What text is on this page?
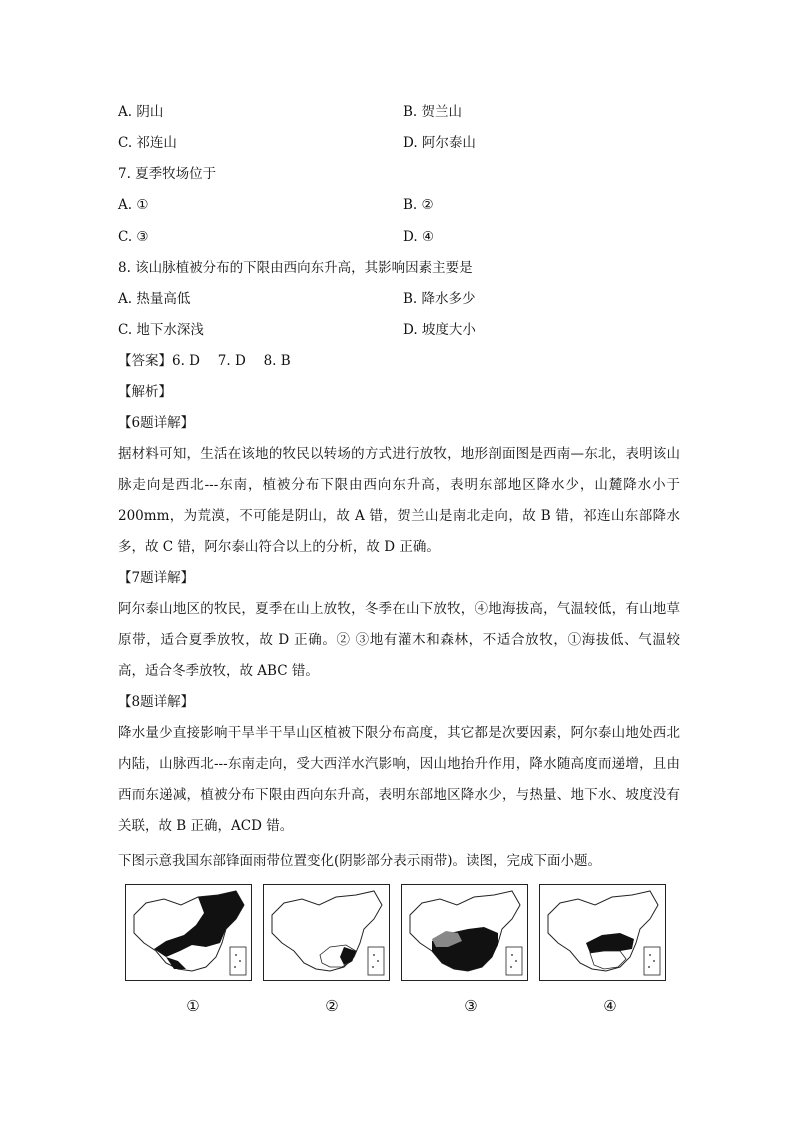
A. 阴山	B. 贺兰山
C. 祁连山	D. 阿尔泰山
7. 夏季牧场位于
A. ①	B. ②
C. ③	D. ④
8. 该山脉植被分布的下限由西向东升高，其影响因素主要是
A. 热量高低	B. 降水多少
C. 地下水深浅	D. 坡度大小
【答案】6. D　 7. D　 8. B
【解析】
【6题详解】
据材料可知，生活在该地的牧民以转场的方式进行放牧，地形剖面图是西南—东北，表明该山脉走向是西北---东南，植被分布下限由西向东升高，表明东部地区降水少，山麓降水小于 200mm，为荒漠，不可能是阴山，故 A 错，贺兰山是南北走向，故 B 错，祁连山东部降水多，故 C 错，阿尔泰山符合以上的分析，故 D 正确。
【7题详解】
阿尔泰山地区的牧民，夏季在山上放牧，冬季在山下放牧，④地海拔高，气温较低，有山地草原带，适合夏季放牧，故 D 正确。② ③地有灌木和森林，不适合放牧，①海拔低、气温较高，适合冬季放牧，故 ABC 错。
【8题详解】
降水量少直接影响干旱半干旱山区植被下限分布高度，其它都是次要因素，阿尔泰山地处西北内陆，山脉西北---东南走向，受大西洋水汽影响，因山地抬升作用，降水随高度而递增，且由西而东递减，植被分布下限由西向东升高，表明东部地区降水少，与热量、地下水、坡度没有关联，故 B 正确，ACD 错。
下图示意我国东部锋面雨带位置变化(阴影部分表示雨带)。读图，完成下面小题。
①	②	③	④
